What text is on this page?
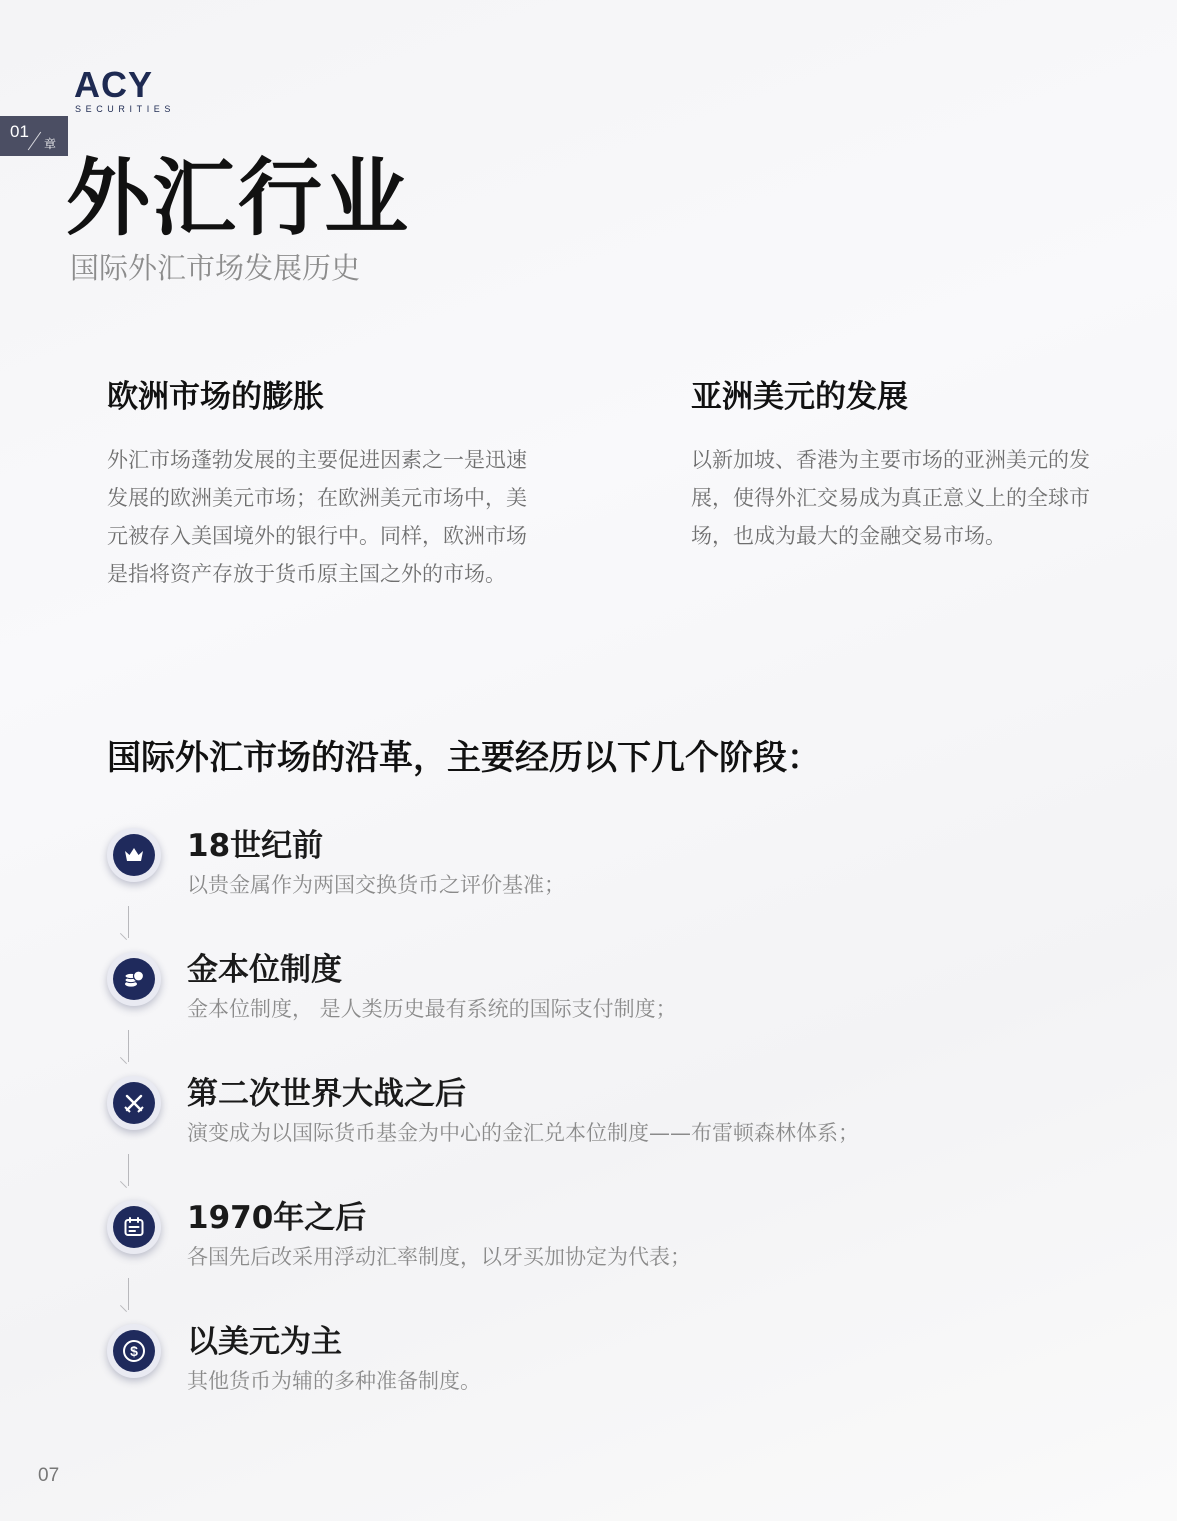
ACY
SECURITIES
01
章
外汇行业
国际外汇市场发展历史
欧洲市场的膨胀
外汇市场蓬勃发展的主要促进因素之一是迅速发展的欧洲美元市场；在欧洲美元市场中，美元被存入美国境外的银行中。同样，欧洲市场是指将资产存放于货币原主国之外的市场。
亚洲美元的发展
以新加坡、香港为主要市场的亚洲美元的发展，使得外汇交易成为真正意义上的全球市场，也成为最大的金融交易市场。
国际外汇市场的沿革，主要经历以下几个阶段：
18世纪前
以贵金属作为两国交换货币之评价基准；
金本位制度
金本位制度， 是人类历史最有系统的国际支付制度；
第二次世界大战之后
演变成为以国际货币基金为中心的金汇兑本位制度——布雷顿森林体系；
1970年之后
各国先后改采用浮动汇率制度，以牙买加协定为代表；
$ 以美元为主
其他货币为辅的多种准备制度。
07
